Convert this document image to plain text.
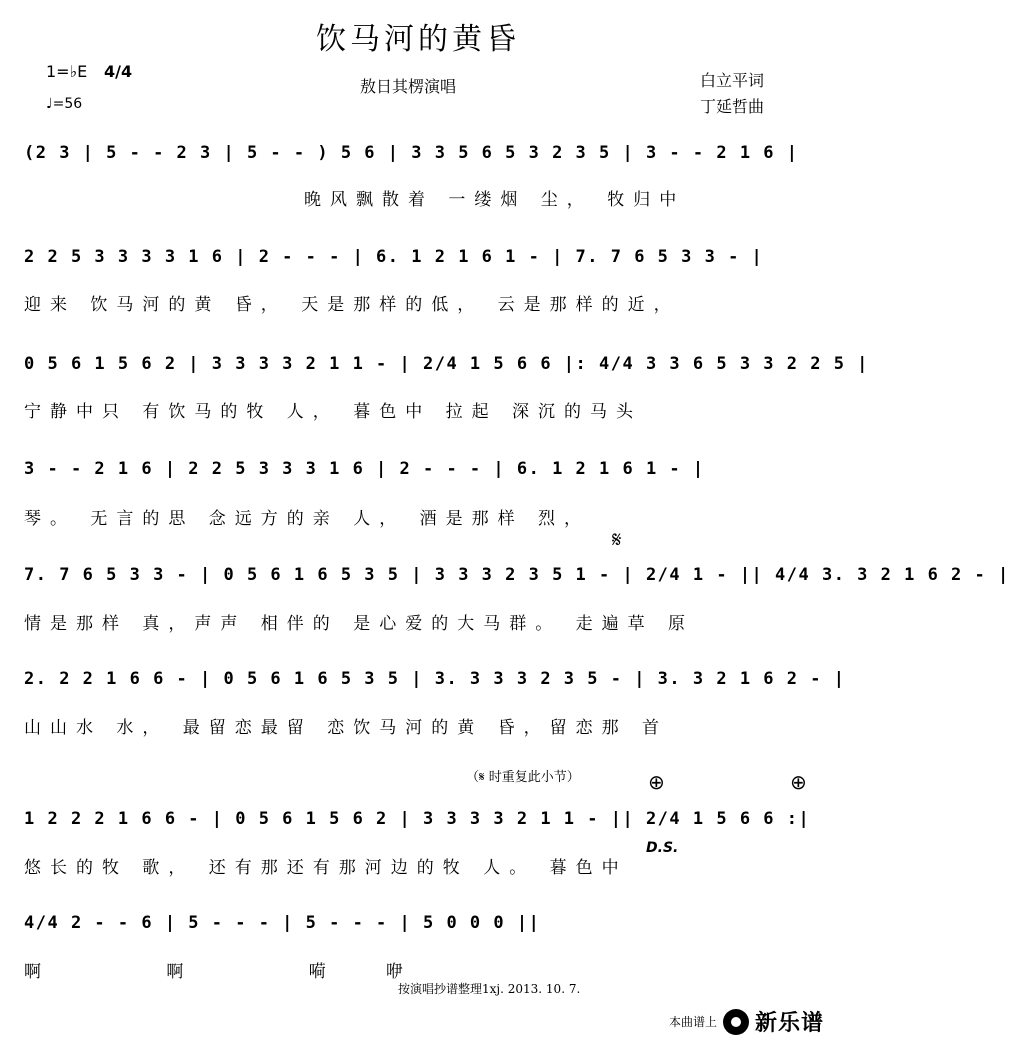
饮马河的黄昏
1=♭E 4/4
♩=56
敖日其楞演唱	白立平词
丁延哲曲
(2 3 | 5 - - 2 3 | 5 - - ) 5 6 | 3 3 5 6 5 3 2 3 5 | 3 - - 2 1 6 |
晚风飘散着 一缕烟 尘， 牧归中
2 2 5 3 3 3 3 1 6 | 2 - - - | 6. 1 2 1 6 1 - | 7. 7 6 5 3 3 - |
迎来 饮马河的黄 昏， 天是那样的低， 云是那样的近，
0 5 6 1 5 6 2 | 3 3 3 3 2 1 1 - | 2/4 1 5 6 6 |: 4/4 3 3 6 5 3 3 2 2 5 |
宁静中只 有饮马的牧 人， 暮色中 拉起 深沉的马头
3 - - 2 1 6 | 2 2 5 3 3 3 1 6 | 2 - - - | 6. 1 2 1 6 1 - |
琴。 无言的思 念远方的亲 人， 酒是那样 烈，
𝄋
7. 7 6 5 3 3 - | 0 5 6 1 6 5 3 5 | 3 3 3 2 3 5 1 - | 2/4 1 - || 4/4 3. 3 2 1 6 2 - |
情是那样 真，声声 相伴的 是心爱的大马群。 走遍草 原
2. 2 2 1 6 6 - | 0 5 6 1 6 5 3 5 | 3. 3 3 3 2 3 5 - | 3. 3 2 1 6 2 - |
山山水 水， 最留恋最留 恋饮马河的黄 昏，留恋那 首
（𝄋 时重复此小节）	⊕	⊕
1 2 2 2 1 6 6 - | 0 5 6 1 5 6 2 | 3 3 3 3 2 1 1 - || 2/4 1 5 6 6 :|
D.S.
悠长的牧 歌， 还有那还有那河边的牧 人。 暮色中
4/4 2 - - 6 | 5 - - - | 5 - - - | 5 0 0 0 ||
啊 啊 嗬咿
按演唱抄谱整理1xj. 2013. 10. 7.
本曲谱上 新乐谱
